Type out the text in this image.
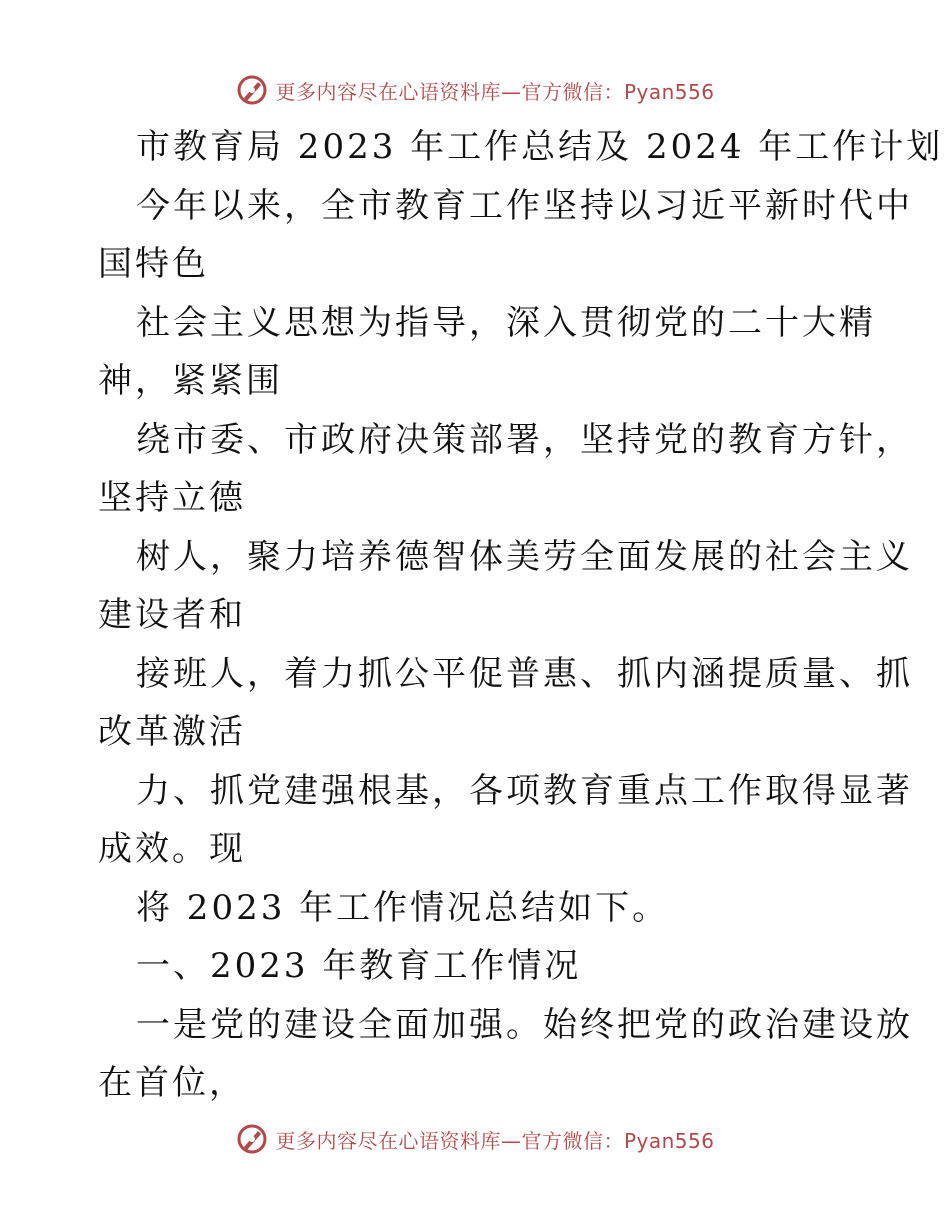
更多内容尽在心语资料库—官方微信：Pyan556
市教育局 2023 年工作总结及 2024 年工作计划
今年以来，全市教育工作坚持以习近平新时代中
国特色
社会主义思想为指导，深入贯彻党的二十大精
神，紧紧围
绕市委、市政府决策部署，坚持党的教育方针，
坚持立德
树人，聚力培养德智体美劳全面发展的社会主义
建设者和
接班人，着力抓公平促普惠、抓内涵提质量、抓
改革激活
力、抓党建强根基，各项教育重点工作取得显著
成效。现
将 2023 年工作情况总结如下。
一、2023 年教育工作情况
一是党的建设全面加强。始终把党的政治建设放
在首位，
更多内容尽在心语资料库—官方微信：Pyan556
